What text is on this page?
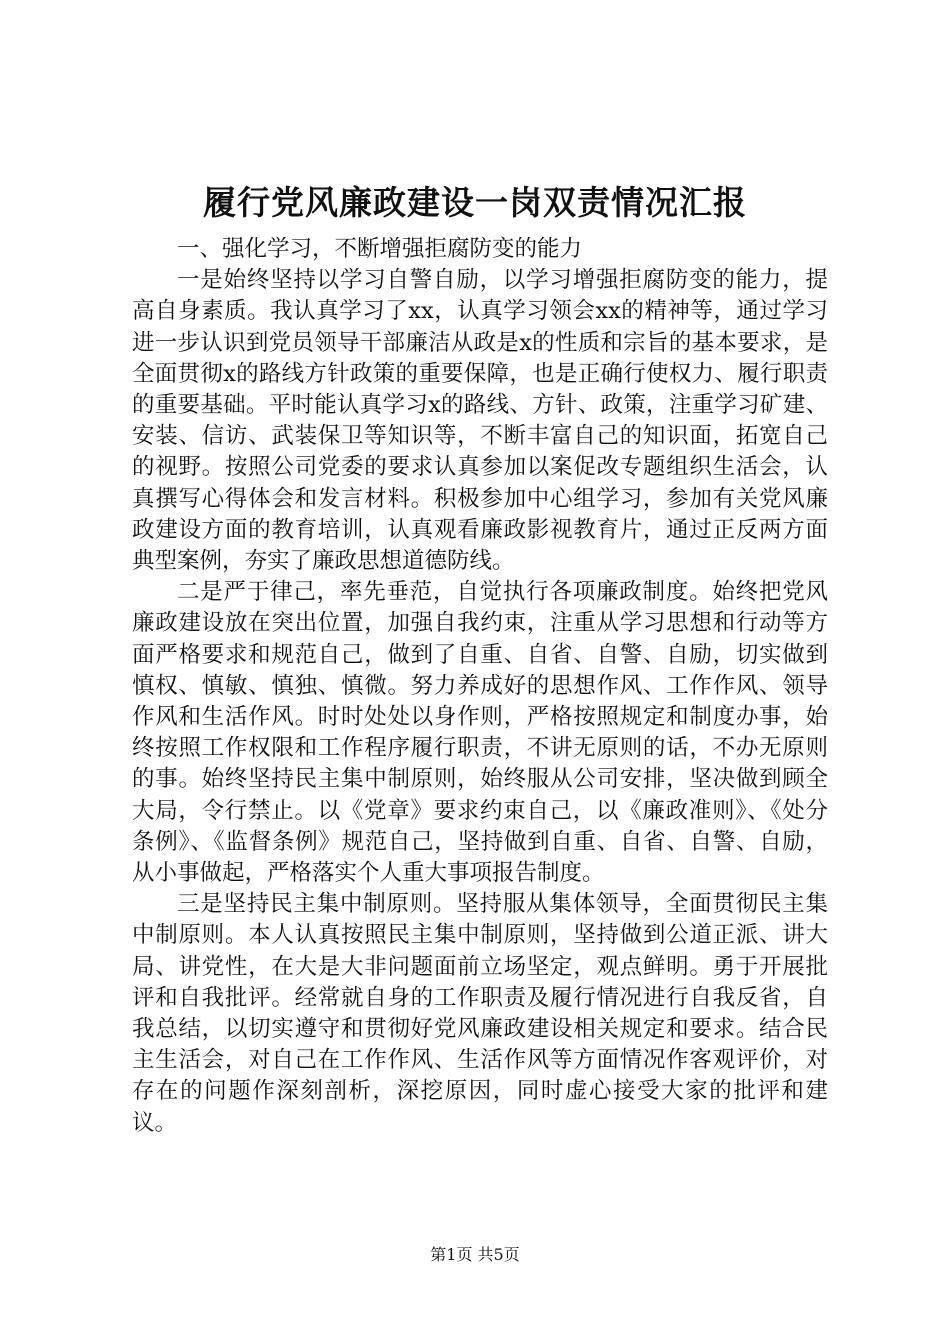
履行党风廉政建设一岗双责情况汇报

一、强化学习，不断增强拒腐防变的能力

一是始终坚持以学习自警自励，以学习增强拒腐防变的能力，提高自身素质。我认真学习了xx，认真学习领会xx的精神等，通过学习进一步认识到党员领导干部廉洁从政是x的性质和宗旨的基本要求，是全面贯彻x的路线方针政策的重要保障，也是正确行使权力、履行职责的重要基础。平时能认真学习x的路线、方针、政策，注重学习矿建、安装、信访、武装保卫等知识等，不断丰富自己的知识面，拓宽自己的视野。按照公司党委的要求认真参加以案促改专题组织生活会，认真撰写心得体会和发言材料。积极参加中心组学习，参加有关党风廉政建设方面的教育培训，认真观看廉政影视教育片，通过正反两方面典型案例，夯实了廉政思想道德防线。

二是严于律己，率先垂范，自觉执行各项廉政制度。始终把党风廉政建设放在突出位置，加强自我约束，注重从学习思想和行动等方面严格要求和规范自己，做到了自重、自省、自警、自励，切实做到慎权、慎敏、慎独、慎微。努力养成好的思想作风、工作作风、领导作风和生活作风。时时处处以身作则，严格按照规定和制度办事，始终按照工作权限和工作程序履行职责，不讲无原则的话，不办无原则的事。始终坚持民主集中制原则，始终服从公司安排，坚决做到顾全大局，令行禁止。以《党章》要求约束自己，以《廉政准则》、《处分条例》、《监督条例》规范自己，坚持做到自重、自省、自警、自励，从小事做起，严格落实个人重大事项报告制度。

三是坚持民主集中制原则。坚持服从集体领导，全面贯彻民主集中制原则。本人认真按照民主集中制原则，坚持做到公道正派、讲大局、讲党性，在大是大非问题面前立场坚定，观点鲜明。勇于开展批评和自我批评。经常就自身的工作职责及履行情况进行自我反省，自我总结，以切实遵守和贯彻好党风廉政建设相关规定和要求。结合民主生活会，对自己在工作作风、生活作风等方面情况作客观评价，对存在的问题作深刻剖析，深挖原因，同时虚心接受大家的批评和建议。

第1页 共5页
